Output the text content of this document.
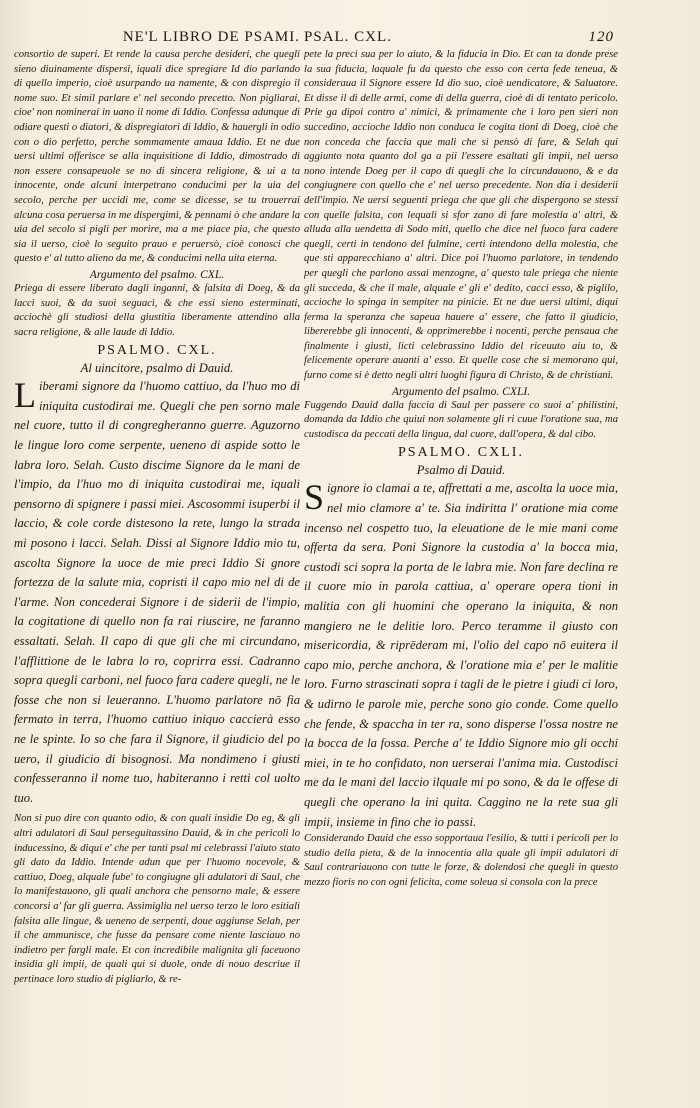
NE'L LIBRO DE PSAMI.

consortio de superi. Et rende la causa perche desideri, che quegli sieno diuinamente dispersi, iquali dice spregiare Id dio parlando di quello imperio, cioè usurpando ua namente, & con dispregio il nome suo. Et simil parlare e' nel secondo precetto. Non pigliarai, cioe' non nominerai in uano il nome di Iddio. Confessa adunque di odiare questi o diatori, & dispregiatori di Iddio, & hauergli in odio con o dio perfetto, perche sommamente amaua Iddio. Et ne due uersi ultimi offerisce se alla inquisitione di Iddio, dimostrado di non essere consapeuole se no di sincera religione, & ui a ta innocente, onde alcuni interpetrano conducimi per la uia del secolo, perche per uccidi me, come se dicesse, se tu trouerrai alcuna cosa peruersa in me dispergimi, & pennami ò che andare la uia del secolo si pigli per morire, ma a me piace pia, che questo sia il uerso, cioè lo seguito prauo e peruersò, cioè conosci che questo e' al tutto alieno da me, & conducimi nella uita eterna.

Argumento del psalmo. CXL.

Priega di essere liberato dagli inganni, & falsita di Doeg, & da lacci suoi, & da suoi seguaci, & che essi sieno esterminati, acciochè gli studiosi della giustitia liberamente attendino alla sacra religione, & alle laude di Iddio.

PSALMO. CXL.
Al uincitore, psalmo di Dauid.

Liberami signore da l'huomo cattiuo, da l'huo mo di iniquita custodirai me. Quegli che pen sorno male nel cuore, tutto il di congregheranno guerre. Aguzorno le lingue loro come serpente, ueneno di aspide sotto le labra loro. Selah. Custo discime Signore da le mani de l'impio, da l'huo mo di iniquita custodirai me, iquali pensorno di spignere i passi miei. Ascosommi isuperbi il laccio, & cole corde distesono la rete, lungo la strada mi posono i lacci. Selah. Dissi al Signore Iddio mio tu, ascolta Signore la uoce de mie preci Iddio Si gnore fortezza de la salute mia, copristi il capo mio nel di de l'arme. Non concederai Signore i de siderii de l'impio, la cogitatione di quello non fa rai riuscire, ne faranno essaltati. Selah. Il capo di que gli che mi circundano, l'afflittione de le labra lo ro, coprirra essi. Cadranno sopra quegli carboni, nel fuoco fara cadere quegli, ne le fosse che non si leueranno. L'huomo parlatore nō fia fermato in terra, l'huomo cattiuo iniquo caccierà esso ne le spinte. Io so che fara il Signore, il giudicio del po uero, il giudicio di bisognosi. Ma nondimeno i giusti confesseranno il nome tuo, habiteranno i retti col uolto tuo.

Non si puo dire con quanto odio, & con quali insidie Do eg, & gli altri adulatori di Saul perseguitassino Dauid, & in che pericoli lo inducessino, & diqui e' che per tanti psal mi celebrassi l'aiuto stato gli dato da Iddio. Intende adun que per l'huomo nocevole, & cattiuo, Doeg, alquale fube' to congiugne gli adulatori di Saul, che lo manifestauono, gli quali anchora che pensorno male, & essere concorsi a' far gli guerra. Assimiglia nel uerso terzo le loro esitiali falsita alle lingue, & ueneno de serpenti, doue aggiunse Selah, per il che ammunisce, che fusse da pensare come niente lasciauo no indietro per fargli male. Et con incredibile malignita gli faceuono insidia gli impii, de quali qui si duole, onde di nouo descriue il pertinace loro studio di pigliarlo, & re-

PSAL. CXL.	120

pete la preci sua per lo aiuto, & la fiducia in Dio. Et can ta donde prese la sua fiducia, laquale fu da questo che esso con certa fede teneua, & consideraua il Signore essere Id dio suo, cioè uendicatore, & Saluatore. Et disse il di delle armi, come di della guerra, cioè di di tentato pericolo. Prie ga dipoi contro a' nimici, & primamente che i loro pen sieri non succedino, accioche Iddio non conduca le cogita tioni di Doeg, cioè che non conceda che faccia que mali che si pensò di fare, & Selah qui aggiunto nota quanto dol ga a pii l'essere esaltati gli impii, nel uerso nono intende Doeg per il capo di quegli che lo circundauono, & e da congiugnere con quello che e' nel uerso precedente. Non dia i desiderii dell'impio. Ne uersi seguenti priega che que gli che dispergono se stessi con quelle falsita, con lequali si sfor zano di fare molestia a' altri, & alluda alla uendetta di Sodo miti, quello che dice nel fuoco fara cadere quegli, certi in tendono del fulmine, certi intendono della molestia, che que sti apparecchiano a' altri. Dice poi l'huomo parlatore, in tendendo per quegli che parlono assai menzogne, a' questo tale priega che niente gli succeda, & che il male, alquale e' gli e' dedito, cacci esso, & piglilo, accioche lo spinga in sempiter na pinicie. Et ne due uersi ultimi, diqui ferma la speranza che sapeua hauere a' essere, che fatto il giudicio, libererebbe gli innocenti, & opprimerebbe i nocenti, perche pensaua che finalmente i giusti, licti celebrassino Iddio del riceuuto aiu to, & felicemente operare auanti a' esso. Et quelle cose che si memorano qui, furno come si è detto negli altri luoghi figura di Christo, & de christiani.

Argumento del psalmo. CXLI.

Fuggendo Dauid dalla faccia di Saul per passere co suoi a' philistini, domanda da Iddio che quiui non solamente gli ri cuue l'oratione sua, ma custodisca da peccati della lingua, dal cuore, dall'opera, & dal cibo.

PSALMO. CXLI.
Psalmo di Dauid.

Signore io clamai a te, affrettati a me, ascolta la uoce mia, nel mio clamore a' te. Sia indiritta l' oratione mia come incenso nel cospetto tuo, la eleuatione de le mie mani come offerta da sera. Poni Signore la custodia a' la bocca mia, custodi sci sopra la porta de le labra mie. Non fare declina re il cuore mio in parola cattiua, a' operare opera tioni in malitia con gli huomini che operano la iniquita, & non mangiero ne le delitie loro. Perco teramme il giusto con misericordia, & riprēderam mi, l'olio del capo nō euitera il capo mio, perche anchora, & l'oratione mia e' per le malitie loro. Furno strascinati sopra i tagli de le pietre i giudi ci loro, & udirno le parole mie, perche sono gio conde. Come quello che fende, & spaccha in ter ra, sono disperse l'ossa nostre ne la bocca de la fossa. Perche a' te Iddio Signore mio gli occhi miei, in te ho confidato, non uerserai l'anima mia. Custodisci me da le mani del laccio ilquale mi po sono, & da le offese di quegli che operano la ini quita. Caggino ne la rete sua gli impii, insieme in fino che io passi.

Considerando Dauid che esso sopportaua l'esilio, & tutti i pericoli per lo studio della pieta, & de la innocentia alla quale gli impii adulatori di Saul contrariauono con tutte le forze, & dolendosi che quegli in questo mezzo fioris no con ogni felicita, come soleua si consola con la prece
